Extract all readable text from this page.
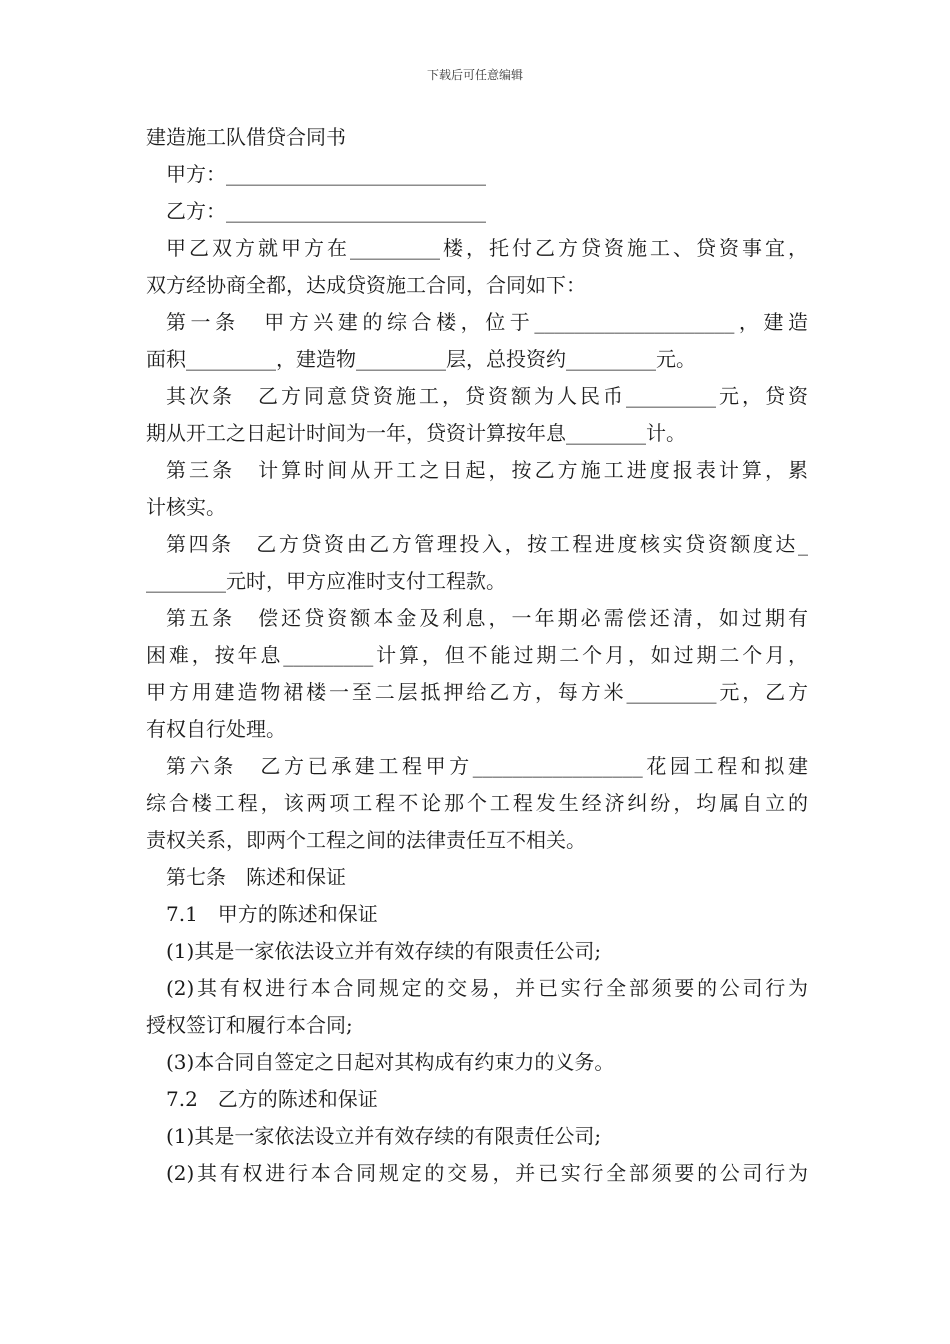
下载后可任意编辑

建造施工队借贷合同书

甲方：__________________________

乙方：__________________________

甲乙双方就甲方在_________楼，托付乙方贷资施工、贷资事宜，

双方经协商全都，达成贷资施工合同，合同如下：

第一条　甲方兴建的综合楼，位于____________________，建造

面积_________，建造物_________层，总投资约_________元。

其次条　乙方同意贷资施工，贷资额为人民币_________元，贷资

期从开工之日起计时间为一年，贷资计算按年息________计。

第三条　计算时间从开工之日起，按乙方施工进度报表计算，累

计核实。

第四条　乙方贷资由乙方管理投入，按工程进度核实贷资额度达_

________元时，甲方应准时支付工程款。

第五条　偿还贷资额本金及利息，一年期必需偿还清，如过期有

困难，按年息_________计算，但不能过期二个月，如过期二个月，

甲方用建造物裙楼一至二层抵押给乙方，每方米_________元，乙方

有权自行处理。

第六条　乙方已承建工程甲方_________________花园工程和拟建

综合楼工程，该两项工程不论那个工程发生经济纠纷，均属自立的

责权关系，即两个工程之间的法律责任互不相关。

第七条　陈述和保证

7.1　甲方的陈述和保证

(1)其是一家依法设立并有效存续的有限责任公司;

(2)其有权进行本合同规定的交易，并已实行全部须要的公司行为

授权签订和履行本合同;

(3)本合同自签定之日起对其构成有约束力的义务。

7.2　乙方的陈述和保证

(1)其是一家依法设立并有效存续的有限责任公司;

(2)其有权进行本合同规定的交易，并已实行全部须要的公司行为
